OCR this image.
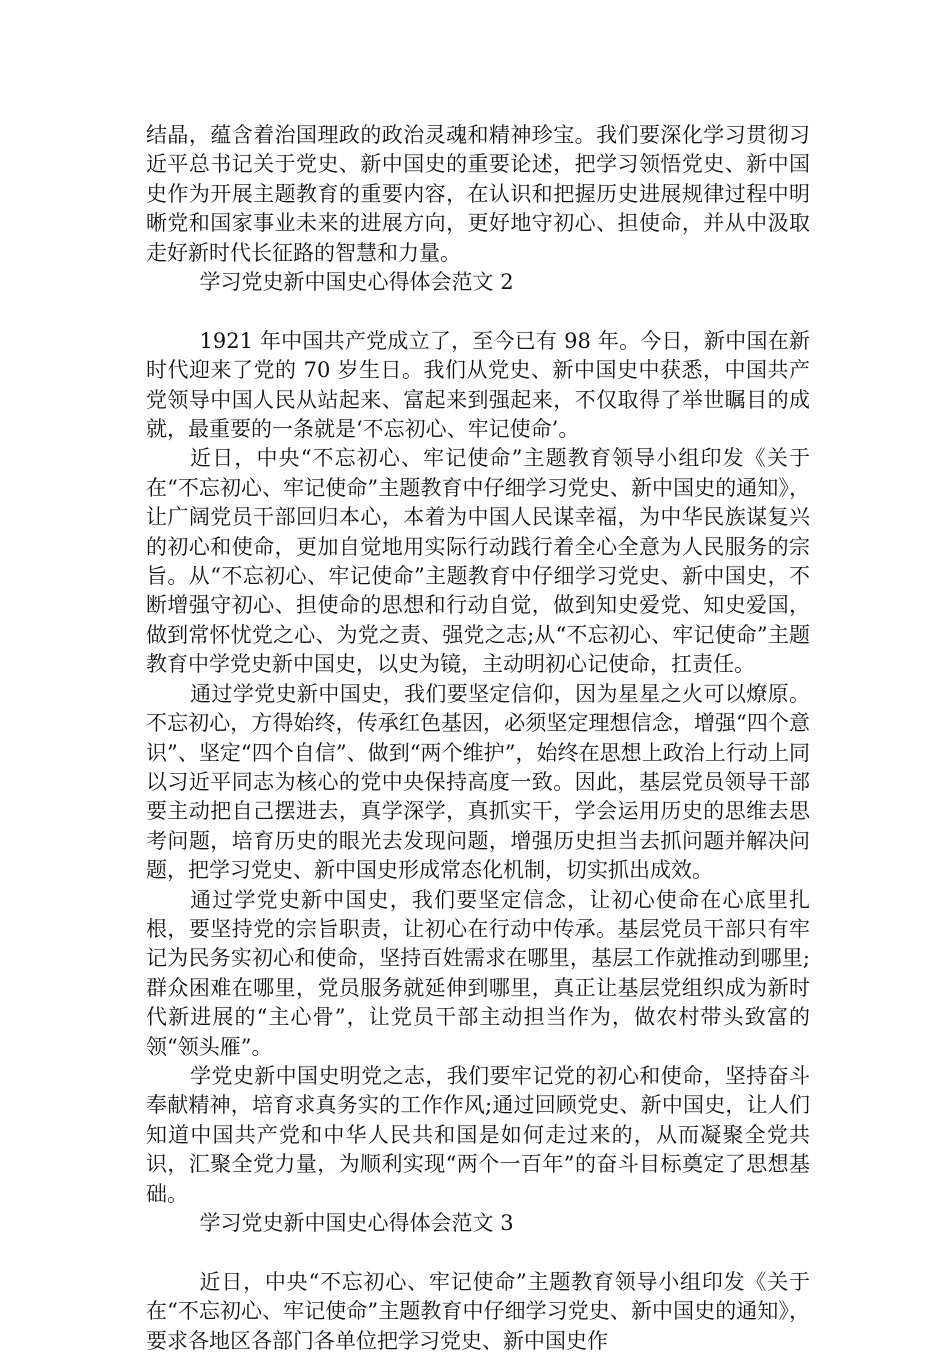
结晶，蕴含着治国理政的政治灵魂和精神珍宝。我们要深化学习贯彻习近平总书记关于党史、新中国史的重要论述，把学习领悟党史、新中国史作为开展主题教育的重要内容，在认识和把握历史进展规律过程中明晰党和国家事业未来的进展方向，更好地守初心、担使命，并从中汲取走好新时代长征路的智慧和力量。

学习党史新中国史心得体会范文 2

1921 年中国共产党成立了，至今已有 98 年。今日，新中国在新时代迎来了党的 70 岁生日。我们从党史、新中国史中获悉，中国共产党领导中国人民从站起来、富起来到强起来，不仅取得了举世瞩目的成就，最重要的一条就是‘不忘初心、牢记使命’。

近日，中央“不忘初心、牢记使命”主题教育领导小组印发《关于在“不忘初心、牢记使命”主题教育中仔细学习党史、新中国史的通知》，让广阔党员干部回归本心，本着为中国人民谋幸福，为中华民族谋复兴的初心和使命，更加自觉地用实际行动践行着全心全意为人民服务的宗旨。从“不忘初心、牢记使命”主题教育中仔细学习党史、新中国史，不断增强守初心、担使命的思想和行动自觉，做到知史爱党、知史爱国，做到常怀忧党之心、为党之责、强党之志;从“不忘初心、牢记使命”主题教育中学党史新中国史，以史为镜，主动明初心记使命，扛责任。

通过学党史新中国史，我们要坚定信仰，因为星星之火可以燎原。不忘初心，方得始终，传承红色基因，必须坚定理想信念，增强“四个意识”、坚定“四个自信”、做到“两个维护”，始终在思想上政治上行动上同以习近平同志为核心的党中央保持高度一致。因此，基层党员领导干部要主动把自己摆进去，真学深学，真抓实干，学会运用历史的思维去思考问题，培育历史的眼光去发现问题，增强历史担当去抓问题并解决问题，把学习党史、新中国史形成常态化机制，切实抓出成效。

通过学党史新中国史，我们要坚定信念，让初心使命在心底里扎根，要坚持党的宗旨职责，让初心在行动中传承。基层党员干部只有牢记为民务实初心和使命，坚持百姓需求在哪里，基层工作就推动到哪里;群众困难在哪里，党员服务就延伸到哪里，真正让基层党组织成为新时代新进展的“主心骨”，让党员干部主动担当作为，做农村带头致富的领“领头雁”。

学党史新中国史明党之志，我们要牢记党的初心和使命，坚持奋斗奉献精神，培育求真务实的工作作风;通过回顾党史、新中国史，让人们知道中国共产党和中华人民共和国是如何走过来的，从而凝聚全党共识，汇聚全党力量，为顺利实现“两个一百年”的奋斗目标奠定了思想基础。

学习党史新中国史心得体会范文 3

近日，中央“不忘初心、牢记使命”主题教育领导小组印发《关于在“不忘初心、牢记使命”主题教育中仔细学习党史、新中国史的通知》，要求各地区各部门各单位把学习党史、新中国史作
